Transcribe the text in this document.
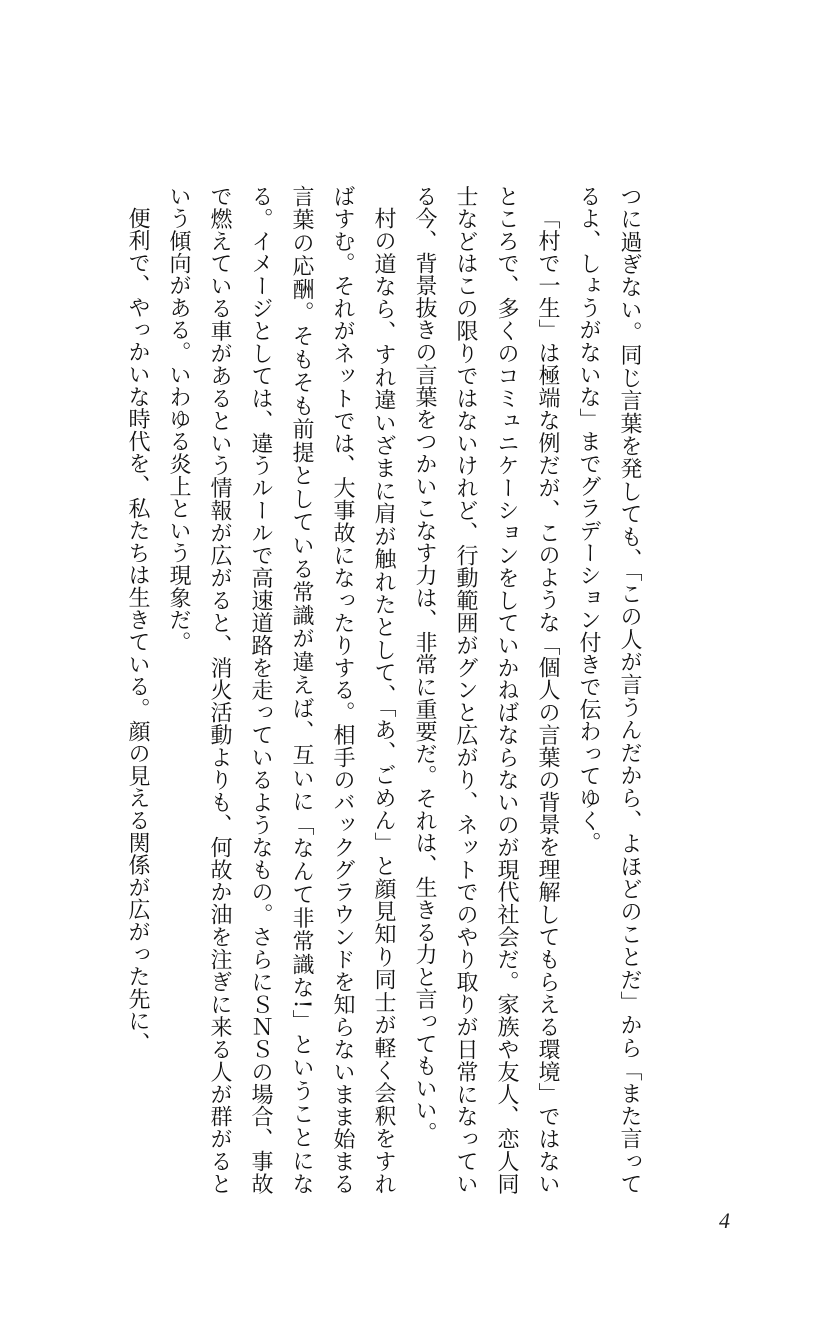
つに過ぎない。同じ言葉を発しても、「この人が言うんだから、よほどのことだ」から「また言ってるよ、しょうがないな」までグラデーション付きで伝わってゆく。

「村で一生」は極端な例だが、このような「個人の言葉の背景を理解してもらえる環境」ではないところで、多くのコミュニケーションをしていかねばならないのが現代社会だ。家族や友人、恋人同士などはこの限りではないけれど、行動範囲がグンと広がり、ネットでのやり取りが日常になっている今、背景抜きの言葉をつかいこなす力は、非常に重要だ。それは、生きる力と言ってもいい。

村の道なら、すれ違いざまに肩が触れたとして、「あ、ごめん」と顔見知り同士が軽く会釈をすればすむ。それがネットでは、大事故になったりする。相手のバックグラウンドを知らないまま始まる言葉の応酬。そもそも前提としている常識が違えば、互いに「なんて非常識な!」ということになる。イメージとしては、違うルールで高速道路を走っているようなもの。さらにＳＮＳの場合、事故で燃えている車があるという情報が広がると、消火活動よりも、何故か油を注ぎに来る人が群がるという傾向がある。いわゆる炎上という現象だ。

便利で、やっかいな時代を、私たちは生きている。顔の見える関係が広がった先に、

4
